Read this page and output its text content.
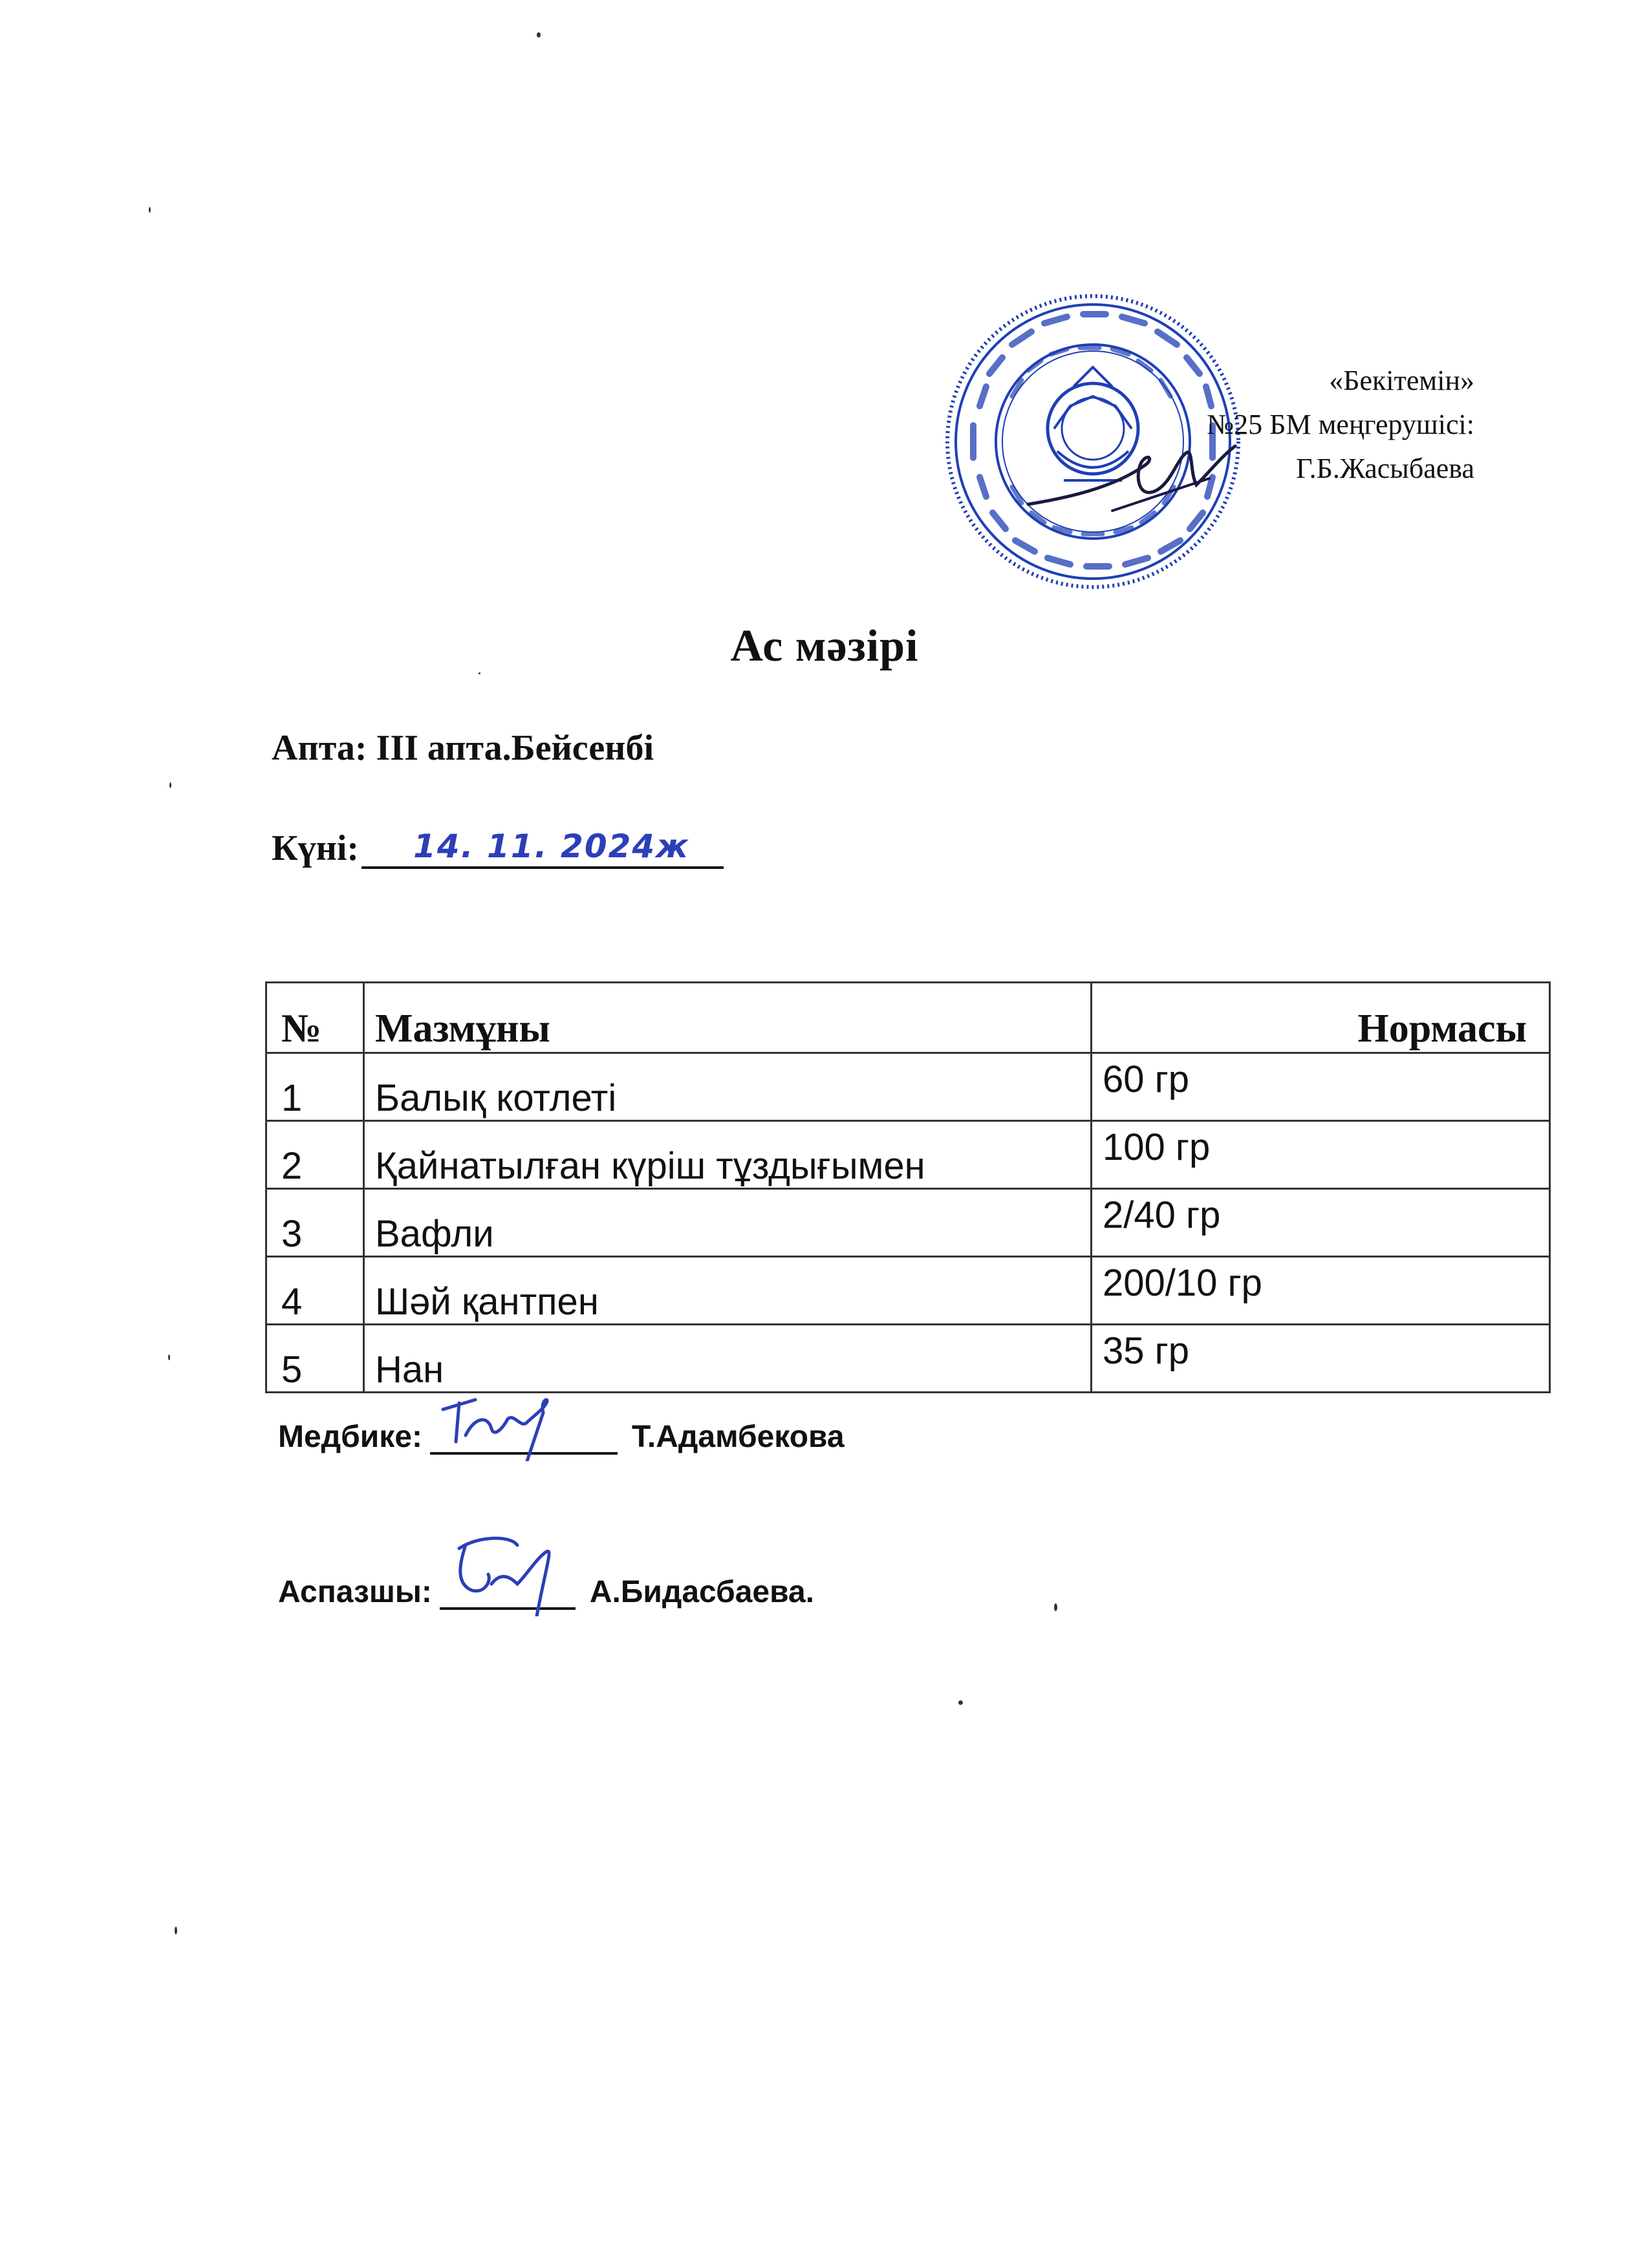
«Бекітемін»
№25 БМ меңгерушісі:
Г.Б.Жасыбаева
Ас мәзірі
Апта: III апта.Бейсенбі
Күні: 14. 11. 2024ж
№	Мазмұны	Нормасы
1	Балық котлеті	60 гр
2	Қайнатылған күріш тұздығымен	100 гр
3	Вафли	2/40 гр
4	Шәй қантпен	200/10 гр
5	Нан	35 гр
Медбике:	Т.Адамбекова
Аспазшы:	А.Бидасбаева.
